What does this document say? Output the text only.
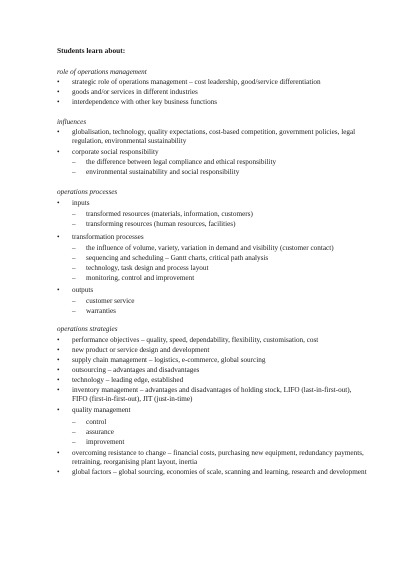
Students learn about:
role of operations management
•	strategic role of operations management – cost leadership, good/service differentiation
•	goods and/or services in different industries
•	interdependence with other key business functions
influences
•	globalisation, technology, quality expectations, cost-based competition, government policies, legal regulation, environmental sustainability
•	corporate social responsibility
–	the difference between legal compliance and ethical responsibility
–	environmental sustainability and social responsibility
operations processes
•	inputs
–	transformed resources (materials, information, customers)
–	transforming resources (human resources, facilities)
•	transformation processes
–	the influence of volume, variety, variation in demand and visibility (customer contact)
–	sequencing and scheduling – Gantt charts, critical path analysis
–	technology, task design and process layout
–	monitoring, control and improvement
•	outputs
–	customer service
–	warranties
operations strategies
•	performance objectives – quality, speed, dependability, flexibility, customisation, cost
•	new product or service design and development
•	supply chain management – logistics, e-commerce, global sourcing
•	outsourcing – advantages and disadvantages
•	technology – leading edge, established
•	inventory management – advantages and disadvantages of holding stock, LIFO (last-in-first-out), FIFO (first-in-first-out), JIT (just-in-time)
•	quality management
–	control
–	assurance
–	improvement
•	overcoming resistance to change – financial costs, purchasing new equipment, redundancy payments, retraining, reorganising plant layout, inertia
•	global factors – global sourcing, economies of scale, scanning and learning, research and development
